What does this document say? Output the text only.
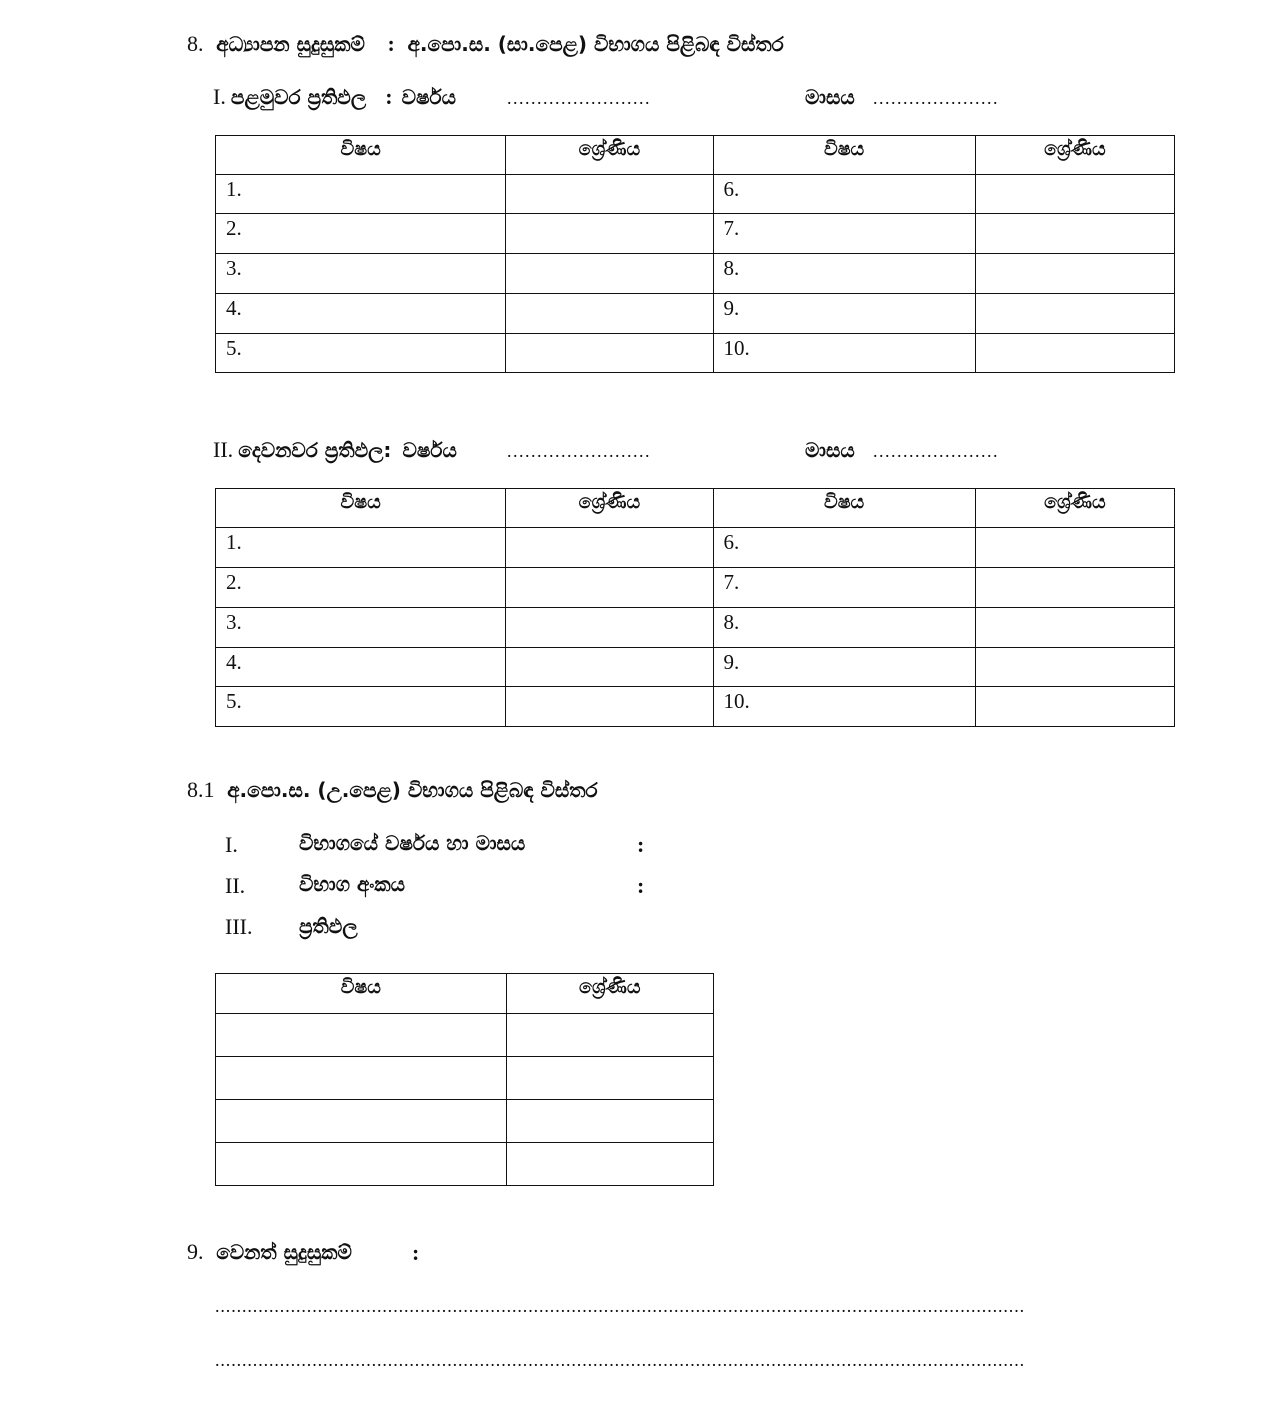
8. අධ්‍යාපන සුදුසුකම් : අ.පො.ස. (සා.පෙළ) විභාගය පිළිබඳ විස්තර
I. පළමුවර ප්‍රතිඵල : වර්ෂය	........................	මාසය .....................
විෂය	ශ්‍රේණිය	විෂය	ශ්‍රේණිය
1.		6.	
2.		7.	
3.		8.	
4.		9.	
5.		10.	
II. දෙවනවර ප්‍රතිඵල: වර්ෂය	........................	මාසය .....................
විෂය	ශ්‍රේණිය	විෂය	ශ්‍රේණිය
1.		6.	
2.		7.	
3.		8.	
4.		9.	
5.		10.	
8.1 අ.පො.ස. (උ.පෙළ) විභාගය පිළිබඳ විස්තර
I.	විභාගයේ වර්ෂය හා මාසය	:
II.	විභාග අංකය	:
III. ප්‍රතිඵල
විෂය	ශ්‍රේණිය

9. වෙනත් සුදුසුකම්	:
......................................................................................................................................................
......................................................................................................................................................
